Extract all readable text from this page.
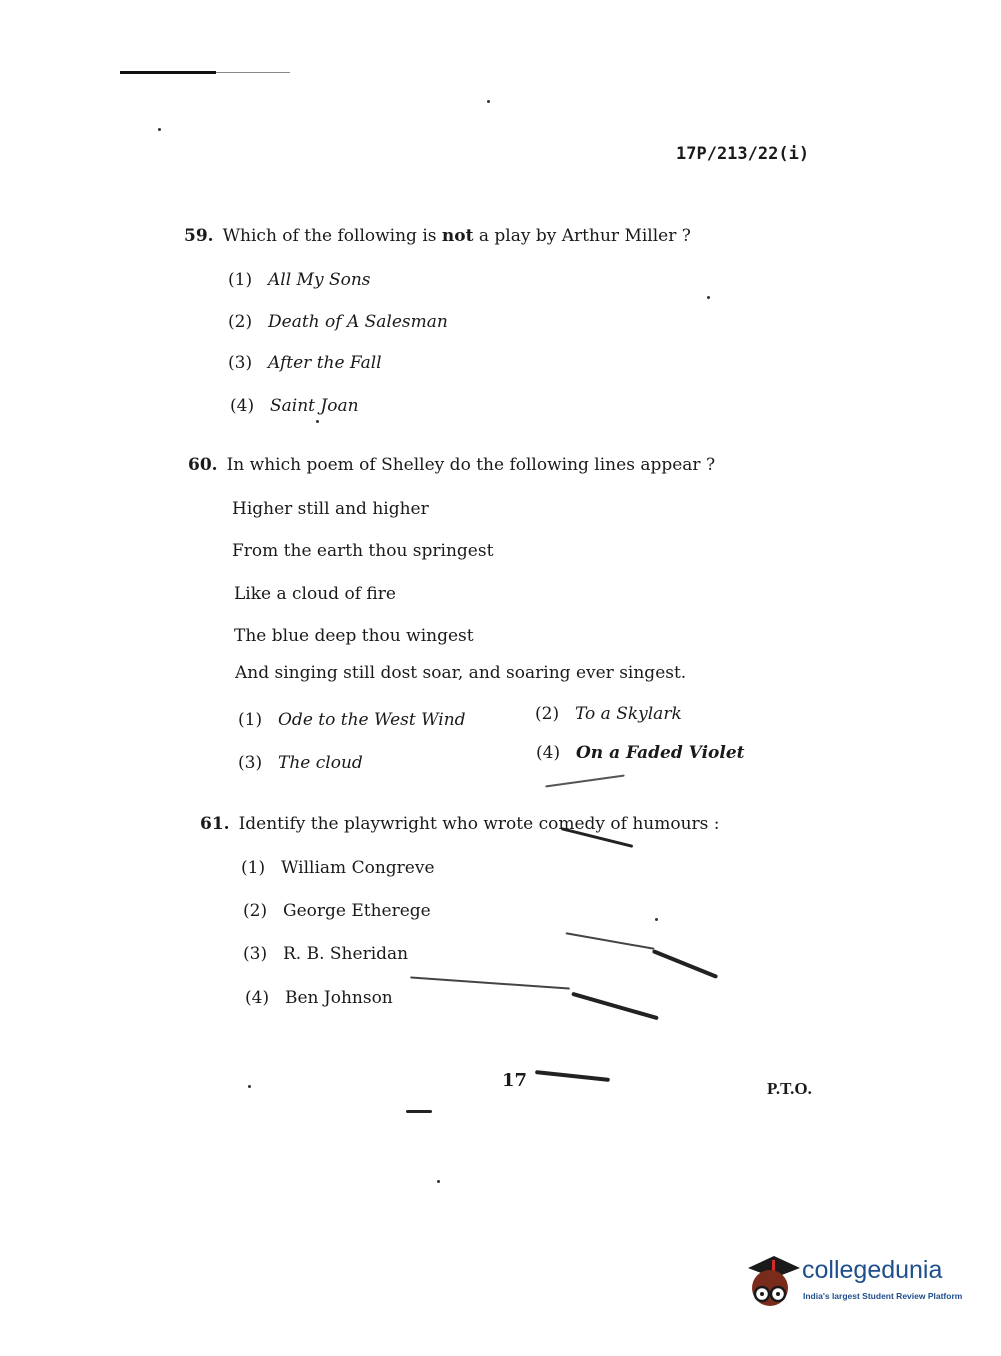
17P/213/22(i)
59. Which of the following is not a play by Arthur Miller ?
(1) All My Sons
(2) Death of A Salesman
(3) After the Fall
(4) Saint Joan
60. In which poem of Shelley do the following lines appear ?
Higher still and higher
From the earth thou springest
Like a cloud of fire
The blue deep thou wingest
And singing still dost soar, and soaring ever singest.
(1) Ode to the West Wind	(2) To a Skylark
(3) The cloud	(4) On a Faded Violet
61. Identify the playwright who wrote comedy of humours :
(1) William Congreve
(2) George Etherege
(3) R. B. Sheridan
(4) Ben Johnson
17	P.T.O.
collegedunia
India's largest Student Review Platform
